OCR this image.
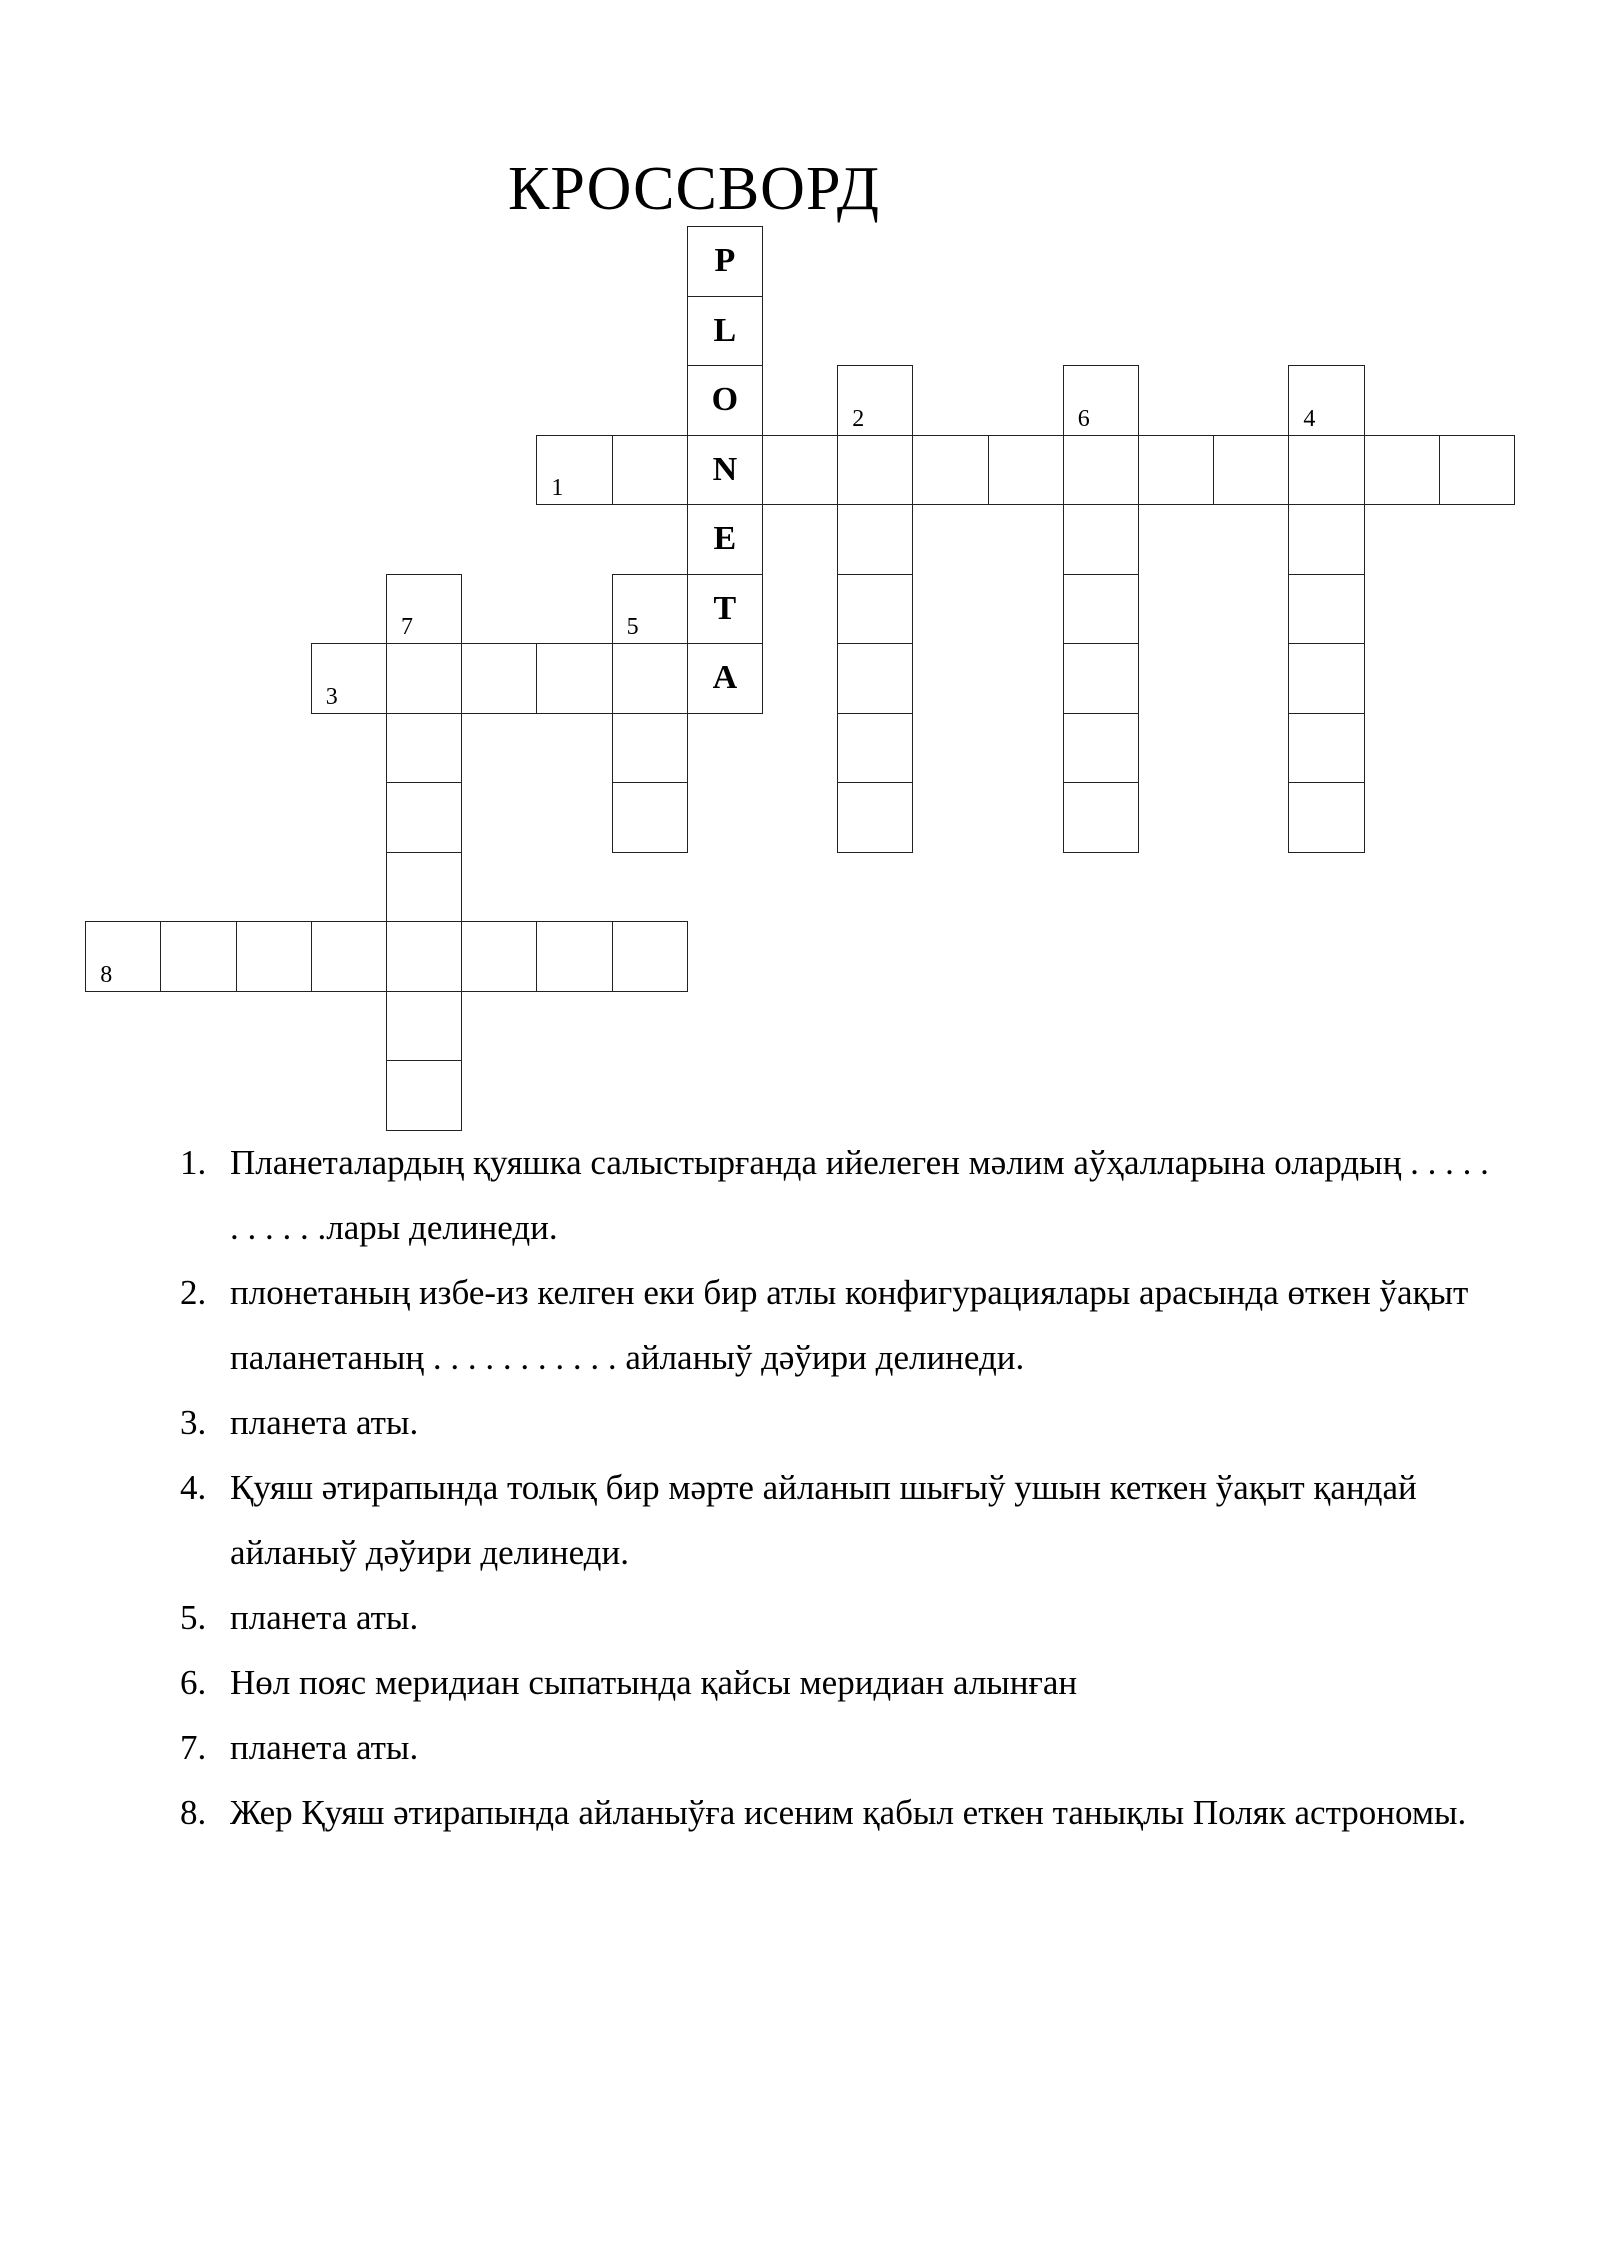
КРОССВОРД
P
L
O
2	6	4
1
N
E
7	5
T
3
A
8
1. Планеталардың қуяшка салыстырғанда ийелеген мәлим аўҳалларына олардың . . . . . . . . . . .лары делинеди.
2. плонетаның избе-из келген еки бир атлы конфигурациялары арасында өткен ўақыт паланетаның . . . . . . . . . . . айланыў дәўири делинеди.
3. планета аты.
4. Қуяш әтирапында толық бир мәрте айланып шығыў ушын кеткен ўақыт қандай айланыў дәўири делинеди.
5. планета аты.
6. Нөл пояс меридиан сыпатында қайсы меридиан алынған
7. планета аты.
8. Жер Қуяш әтирапында айланыўға исеним қабыл еткен танықлы Поляк астрономы.
